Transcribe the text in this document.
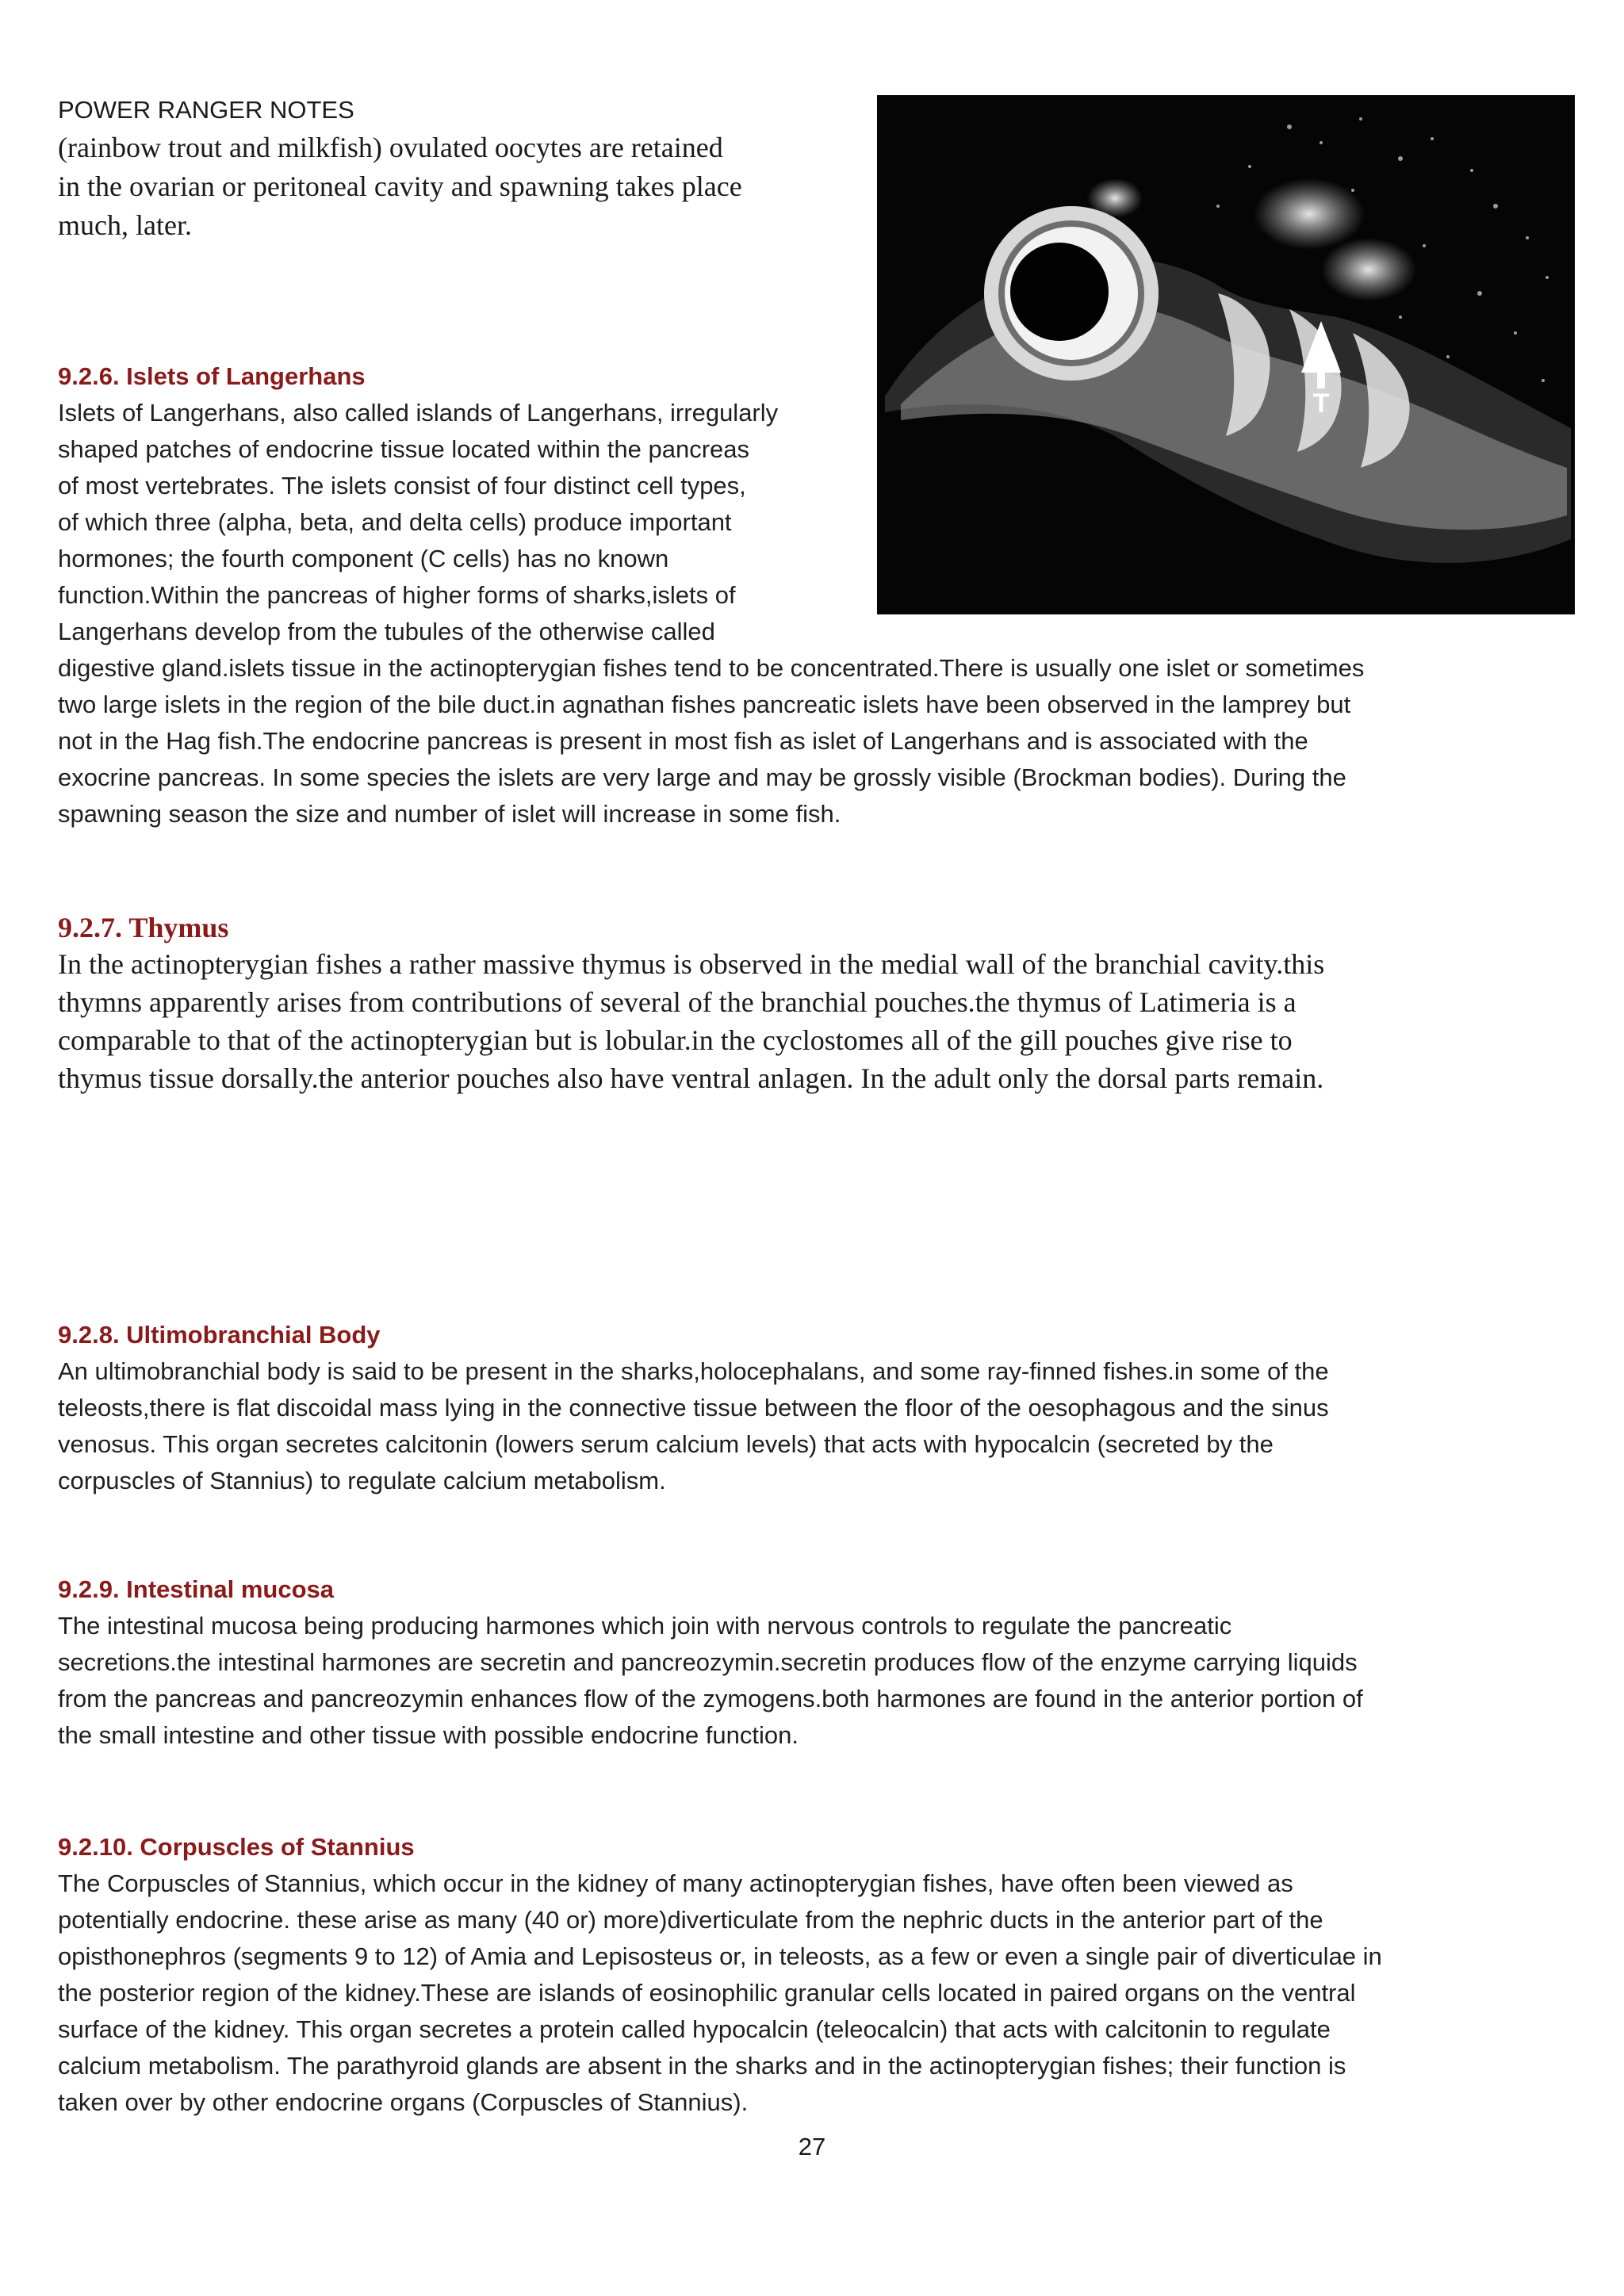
POWER RANGER NOTES
(rainbow trout and milkfish) ovulated oocytes are retained
in the ovarian or peritoneal cavity and spawning takes place
much, later.
T
9.2.6. Islets of Langerhans
Islets of Langerhans, also called islands of Langerhans, irregularly
shaped patches of endocrine tissue located within the pancreas
of most vertebrates. The islets consist of four distinct cell types,
of which three (alpha, beta, and delta cells) produce important
hormones; the fourth component (C cells) has no known
function.Within the pancreas of higher forms of sharks,islets of
Langerhans develop from the tubules of the otherwise called
digestive gland.islets tissue in the actinopterygian fishes tend to be concentrated.There is usually one islet or sometimes
two large islets in the region of the bile duct.in agnathan fishes pancreatic islets have been observed in the lamprey but
not in the Hag fish.The endocrine pancreas is present in most fish as islet of Langerhans and is associated with the
exocrine pancreas. In some species the islets are very large and may be grossly visible (Brockman bodies). During the
spawning season the size and number of islet will increase in some fish.
9.2.7. Thymus
In the actinopterygian fishes a rather massive thymus is observed in the medial wall of the branchial cavity.this
thymns apparently arises from contributions of several of the branchial pouches.the thymus of Latimeria is a
comparable to that of the actinopterygian but is lobular.in the cyclostomes all of the gill pouches give rise to
thymus tissue dorsally.the anterior pouches also have ventral anlagen. In the adult only the dorsal parts remain.
9.2.8. Ultimobranchial Body
An ultimobranchial body is said to be present in the sharks,holocephalans, and some ray-finned fishes.in some of the
teleosts,there is flat discoidal mass lying in the connective tissue between the floor of the oesophagous and the sinus
venosus. This organ secretes calcitonin (lowers serum calcium levels) that acts with hypocalcin (secreted by the
corpuscles of Stannius) to regulate calcium metabolism.
9.2.9. Intestinal mucosa
The intestinal mucosa being producing harmones which join with nervous controls to regulate the pancreatic
secretions.the intestinal harmones are secretin and pancreozymin.secretin produces flow of the enzyme carrying liquids
from the pancreas and pancreozymin enhances flow of the zymogens.both harmones are found in the anterior portion of
the small intestine and other tissue with possible endocrine function.
9.2.10. Corpuscles of Stannius
The Corpuscles of Stannius, which occur in the kidney of many actinopterygian fishes, have often been viewed as
potentially endocrine. these arise as many (40 or) more)diverticulate from the nephric ducts in the anterior part of the
opisthonephros (segments 9 to 12) of Amia and Lepisosteus or, in teleosts, as a few or even a single pair of diverticulae in
the posterior region of the kidney.These are islands of eosinophilic granular cells located in paired organs on the ventral
surface of the kidney. This organ secretes a protein called hypocalcin (teleocalcin) that acts with calcitonin to regulate
calcium metabolism. The parathyroid glands are absent in the sharks and in the actinopterygian fishes; their function is
taken over by other endocrine organs (Corpuscles of Stannius).
27
